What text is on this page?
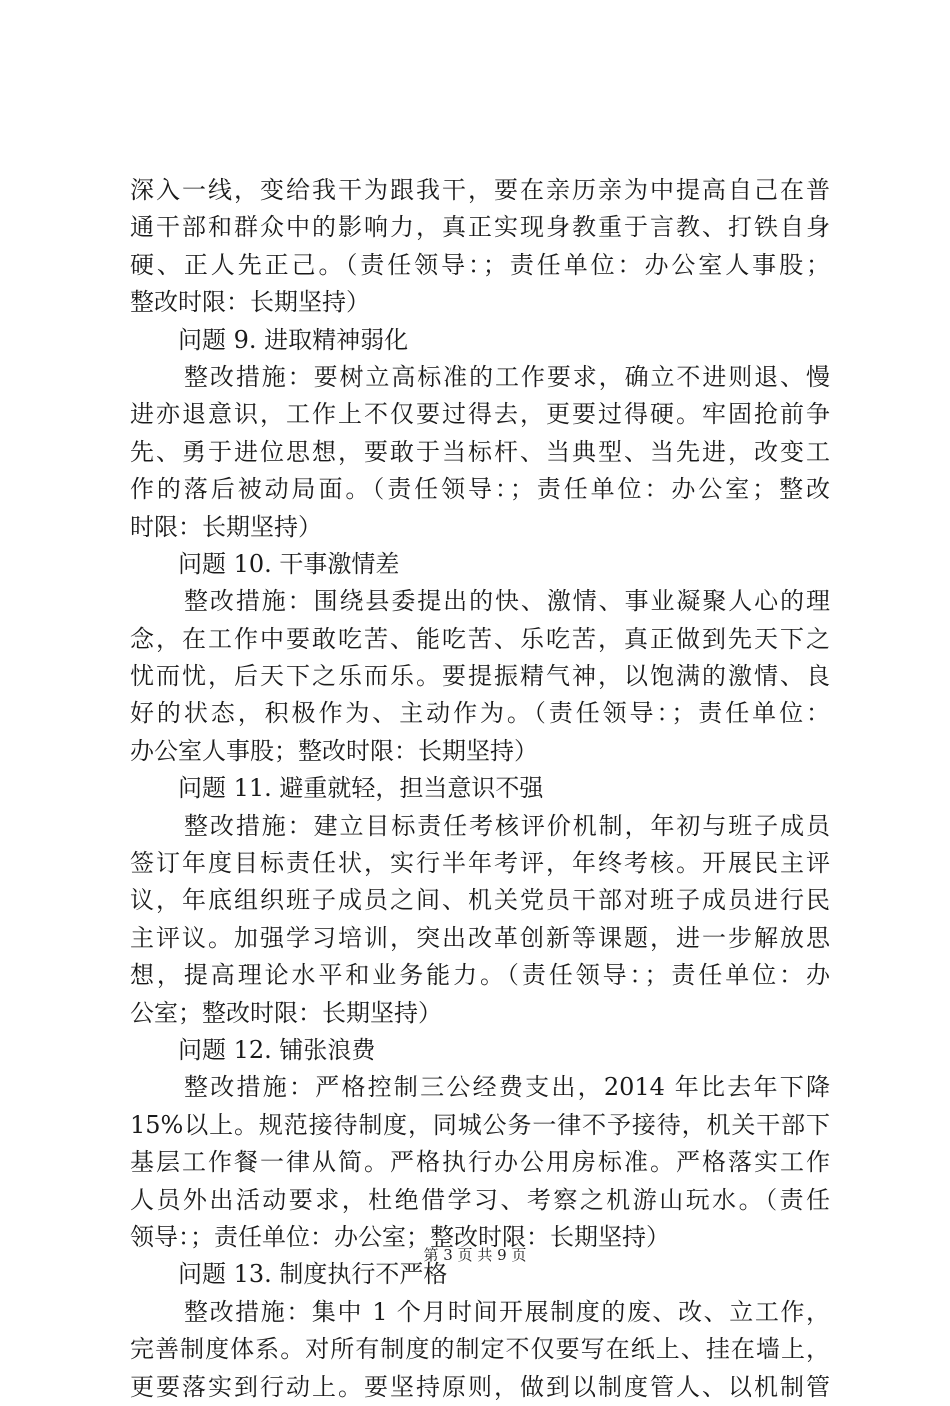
深入一线，变给我干为跟我干，要在亲历亲为中提高自己在普
通干部和群众中的影响力，真正实现身教重于言教、打铁自身
硬、正人先正己。（责任领导：；责任单位：办公室人事股；
整改时限：长期坚持）
问题 9. 进取精神弱化
整改措施：要树立高标准的工作要求，确立不进则退、慢
进亦退意识，工作上不仅要过得去，更要过得硬。牢固抢前争
先、勇于进位思想，要敢于当标杆、当典型、当先进，改变工
作的落后被动局面。（责任领导：；责任单位：办公室；整改
时限：长期坚持）
问题 10. 干事激情差
整改措施：围绕县委提出的快、激情、事业凝聚人心的理
念，在工作中要敢吃苦、能吃苦、乐吃苦，真正做到先天下之
忧而忧，后天下之乐而乐。要提振精气神，以饱满的激情、良
好的状态，积极作为、主动作为。（责任领导：；责任单位：
办公室人事股；整改时限：长期坚持）
问题 11. 避重就轻，担当意识不强
整改措施：建立目标责任考核评价机制，年初与班子成员
签订年度目标责任状，实行半年考评，年终考核。开展民主评
议，年底组织班子成员之间、机关党员干部对班子成员进行民
主评议。加强学习培训，突出改革创新等课题，进一步解放思
想，提高理论水平和业务能力。（责任领导：；责任单位：办
公室；整改时限：长期坚持）
问题 12. 铺张浪费
整改措施：严格控制三公经费支出，2014 年比去年下降
15%以上。规范接待制度，同城公务一律不予接待，机关干部下
基层工作餐一律从简。严格执行办公用房标准。严格落实工作
人员外出活动要求，杜绝借学习、考察之机游山玩水。（责任
领导：；责任单位：办公室；整改时限：长期坚持）
问题 13. 制度执行不严格
整改措施：集中 1 个月时间开展制度的废、改、立工作，
完善制度体系。对所有制度的制定不仅要写在纸上、挂在墙上，
更要落实到行动上。要坚持原则，做到以制度管人、以机制管
第 3 页 共 9 页
